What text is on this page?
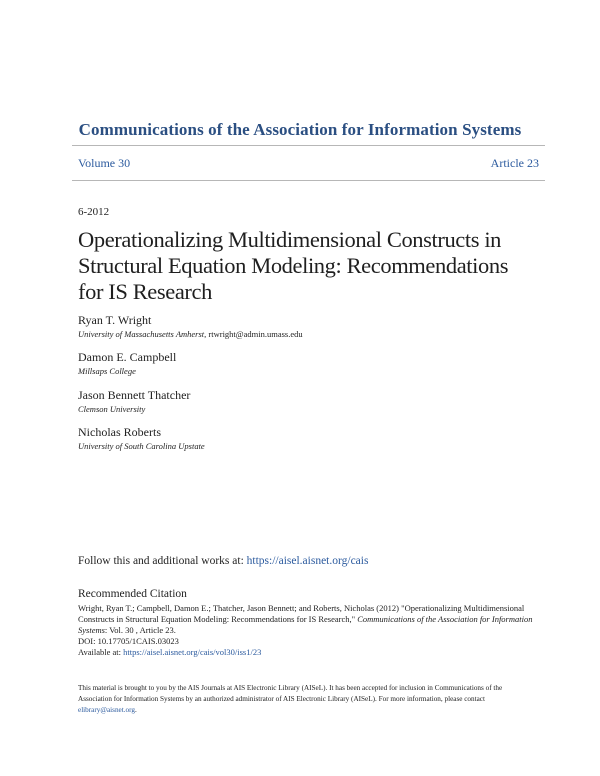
Communications of the Association for Information Systems
Volume 30	Article 23
6-2012
Operationalizing Multidimensional Constructs in Structural Equation Modeling: Recommendations for IS Research
Ryan T. Wright
University of Massachusetts Amherst, rtwright@admin.umass.edu
Damon E. Campbell
Millsaps College
Jason Bennett Thatcher
Clemson University
Nicholas Roberts
University of South Carolina Upstate
Follow this and additional works at: https://aisel.aisnet.org/cais
Recommended Citation
Wright, Ryan T.; Campbell, Damon E.; Thatcher, Jason Bennett; and Roberts, Nicholas (2012) "Operationalizing Multidimensional
Constructs in Structural Equation Modeling: Recommendations for IS Research," Communications of the Association for Information
Systems: Vol. 30 , Article 23.
DOI: 10.17705/1CAIS.03023
Available at: https://aisel.aisnet.org/cais/vol30/iss1/23
This material is brought to you by the AIS Journals at AIS Electronic Library (AISeL). It has been accepted for inclusion in Communications of the
Association for Information Systems by an authorized administrator of AIS Electronic Library (AISeL). For more information, please contact
elibrary@aisnet.org.
